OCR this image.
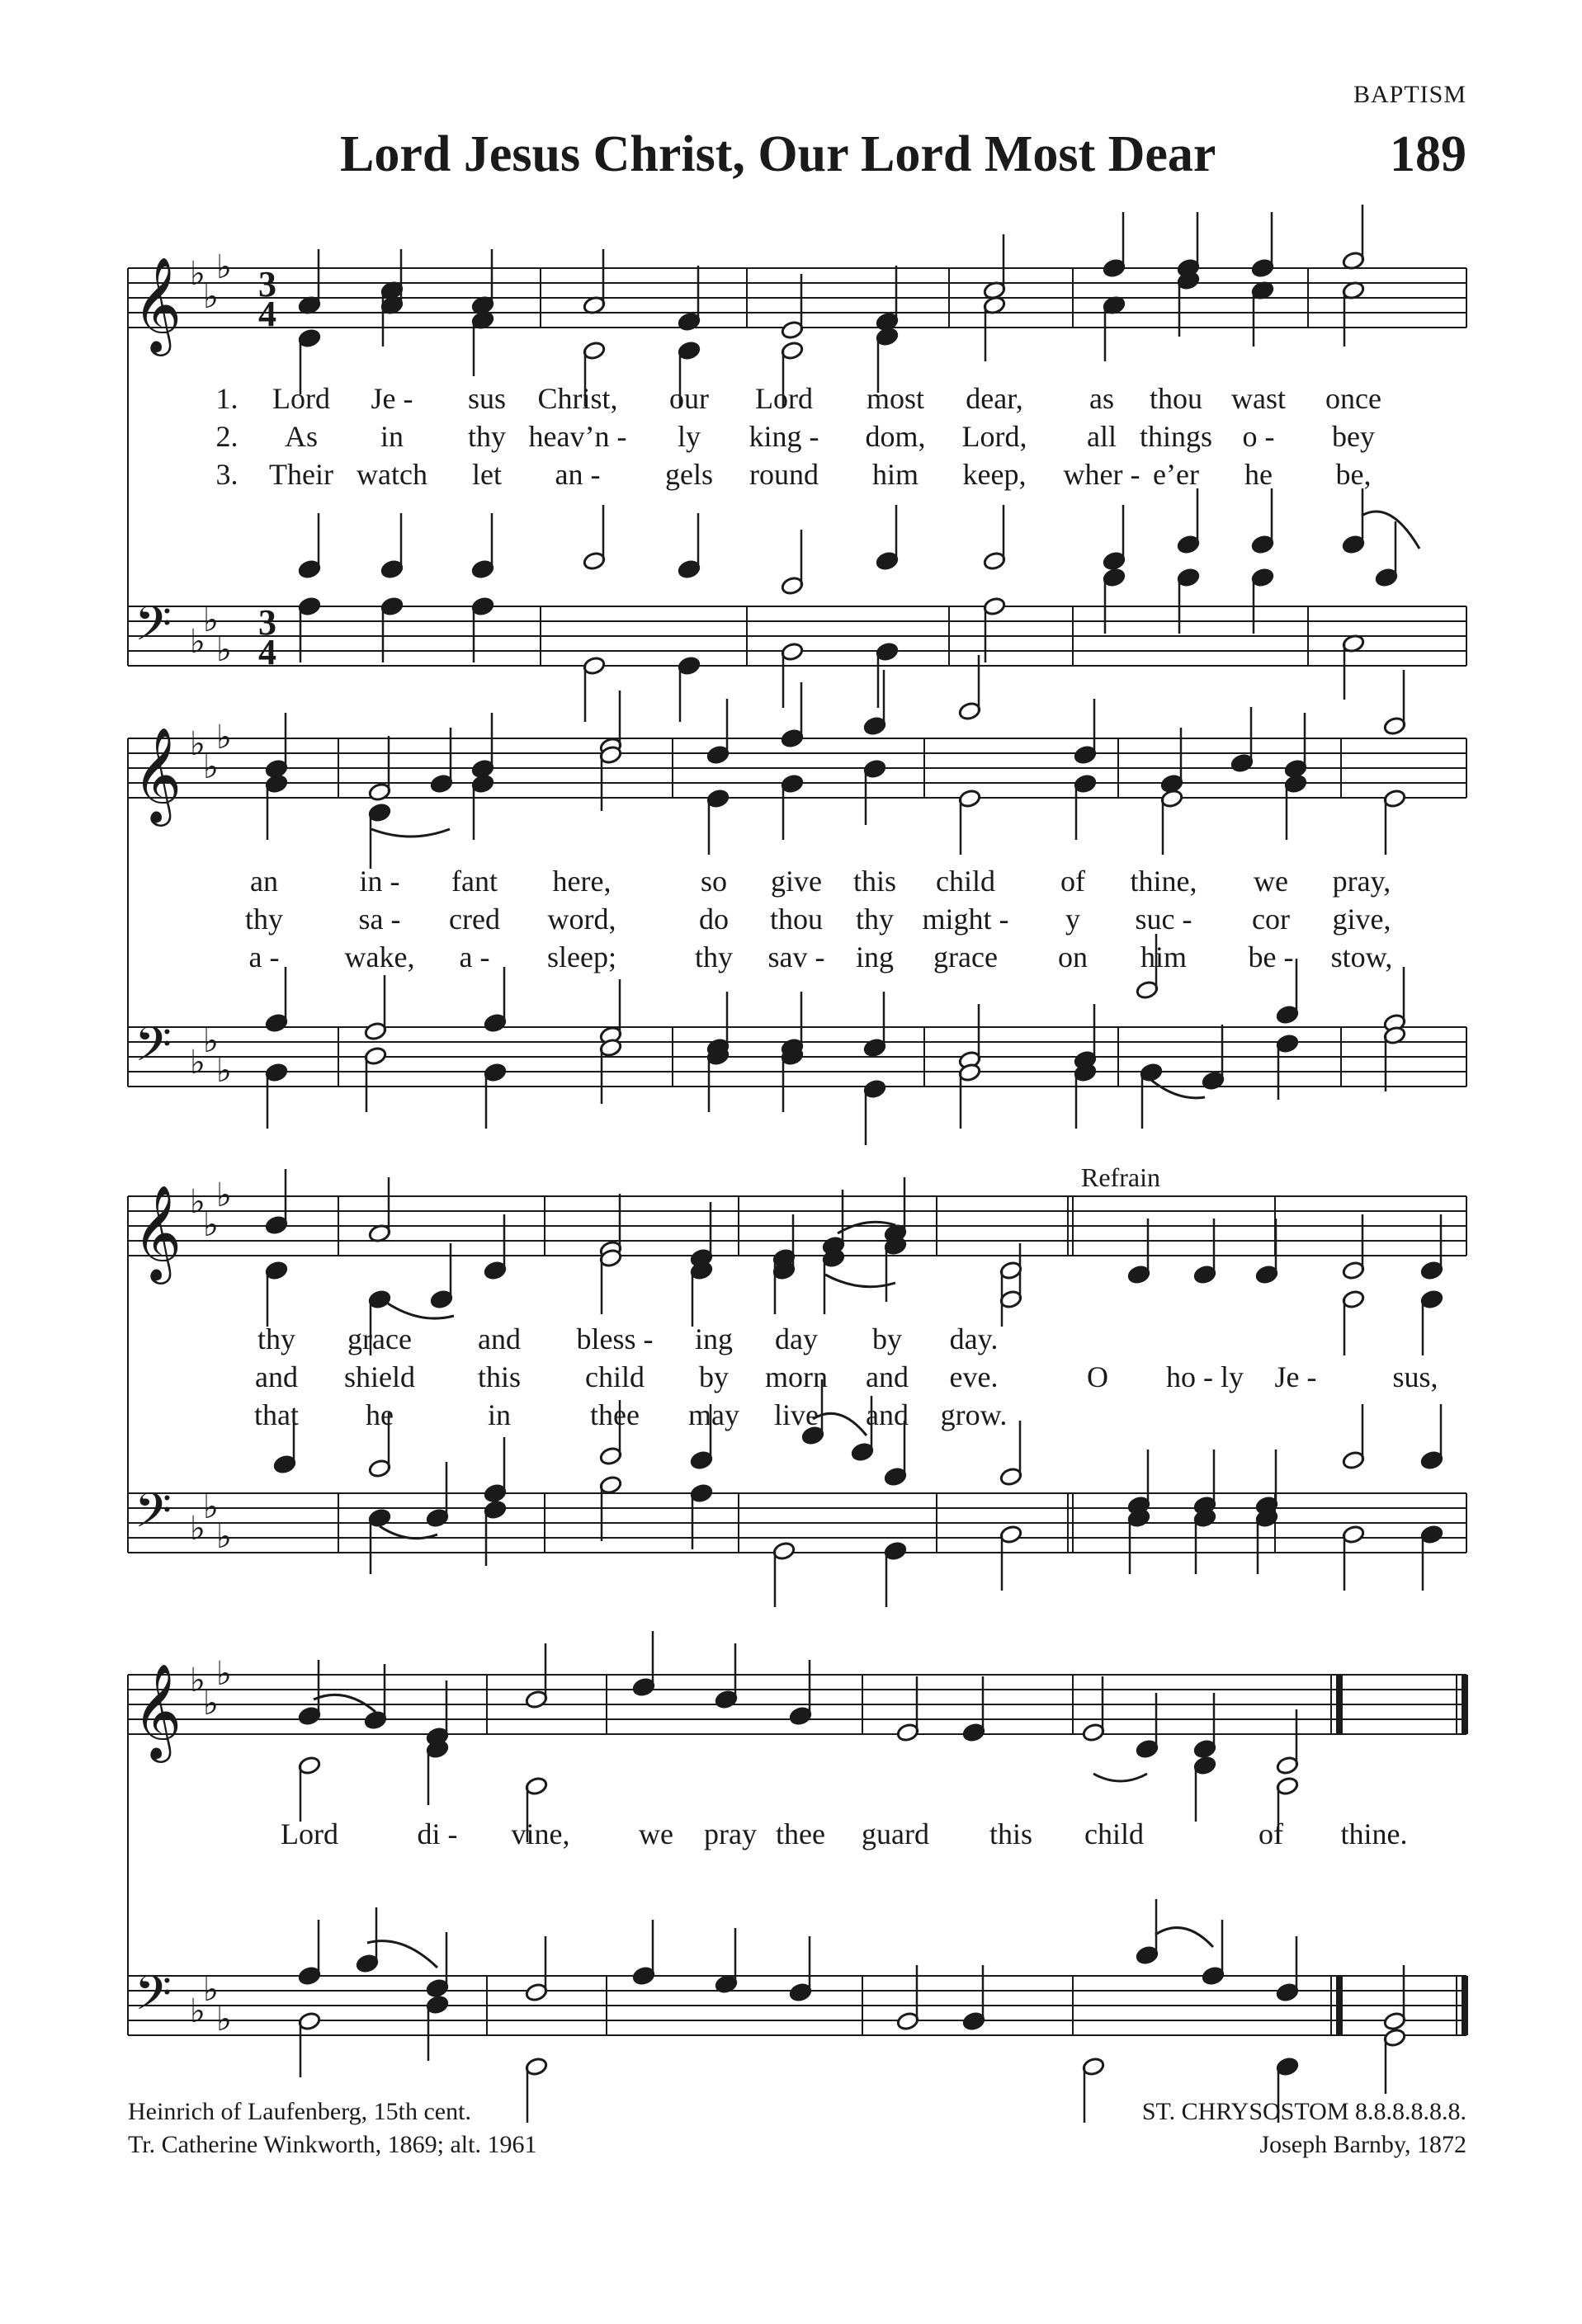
BAPTISM
Lord Jesus Christ, Our Lord Most Dear	189
𝄞
𝄢
♭
♭
♭
♭
♭
♭
3
4
3
4
𝄞
𝄢
♭
♭
♭
♭
♭
♭
𝄞
𝄢
♭
♭
♭
♭
♭
♭
𝄞
𝄢
♭
♭
♭
♭
♭
♭
1. Lord Je - sus Christ, our Lord most dear, as thou wast once
2. As in thy heav’n - ly king - dom, Lord, all things o - bey
3. Their watch let an - gels round him keep, wher - e’er he be,
an	in - fant here,	so give this child of thine, we pray,
thy	sa - cred word,	do thou thy might - y suc - cor give,
a - wake, a - sleep;	thy sav - ing grace on him be - stow,
thy grace and bless - ing day by day.
and shield this child by morn and eve.	O ho - ly Je -	sus,
that he	in	thee may live and grow.
Lord	di - vine, we pray thee guard this child	of thine.
Refrain
Heinrich of Laufenberg, 15th cent.
Tr. Catherine Winkworth, 1869; alt. 1961
ST. CHRYSOSTOM 8.8.8.8.8.8.
Joseph Barnby, 1872
